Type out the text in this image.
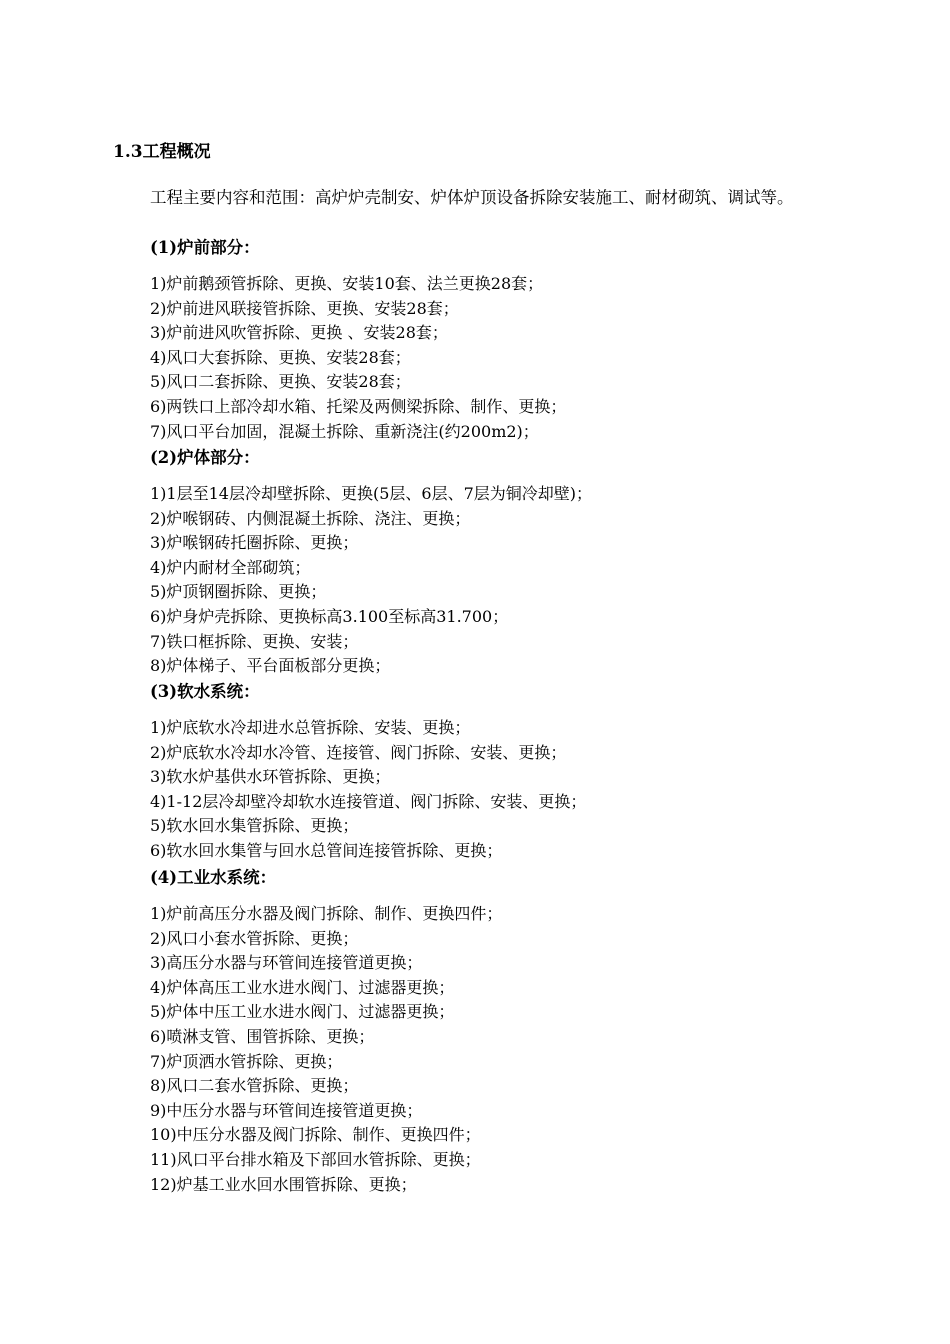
1.3工程概况
工程主要内容和范围：高炉炉壳制安、炉体炉顶设备拆除安装施工、耐材砌筑、调试等。
(1)炉前部分：
1)炉前鹅颈管拆除、更换、安装10套、法兰更换28套；
2)炉前进风联接管拆除、更换、安装28套；
3)炉前进风吹管拆除、更换 、安装28套；
4)风口大套拆除、更换、安装28套；
5)风口二套拆除、更换、安装28套；
6)两铁口上部冷却水箱、托梁及两侧梁拆除、制作、更换；
7)风口平台加固，混凝土拆除、重新浇注(约200m2)；
(2)炉体部分：
1)1层至14层冷却壁拆除、更换(5层、6层、7层为铜冷却壁)；
2)炉喉钢砖、内侧混凝土拆除、浇注、更换；
3)炉喉钢砖托圈拆除、更换；
4)炉内耐材全部砌筑；
5)炉顶钢圈拆除、更换；
6)炉身炉壳拆除、更换标高3.100至标高31.700；
7)铁口框拆除、更换、安装；
8)炉体梯子、平台面板部分更换；
(3)软水系统：
1)炉底软水冷却进水总管拆除、安装、更换；
2)炉底软水冷却水冷管、连接管、阀门拆除、安装、更换；
3)软水炉基供水环管拆除、更换；
4)1-12层冷却壁冷却软水连接管道、阀门拆除、安装、更换；
5)软水回水集管拆除、更换；
6)软水回水集管与回水总管间连接管拆除、更换；
(4)工业水系统：
1)炉前高压分水器及阀门拆除、制作、更换四件；
2)风口小套水管拆除、更换；
3)高压分水器与环管间连接管道更换；
4)炉体高压工业水进水阀门、过滤器更换；
5)炉体中压工业水进水阀门、过滤器更换；
6)喷淋支管、围管拆除、更换；
7)炉顶洒水管拆除、更换；
8)风口二套水管拆除、更换；
9)中压分水器与环管间连接管道更换；
10)中压分水器及阀门拆除、制作、更换四件；
11)风口平台排水箱及下部回水管拆除、更换；
12)炉基工业水回水围管拆除、更换；
